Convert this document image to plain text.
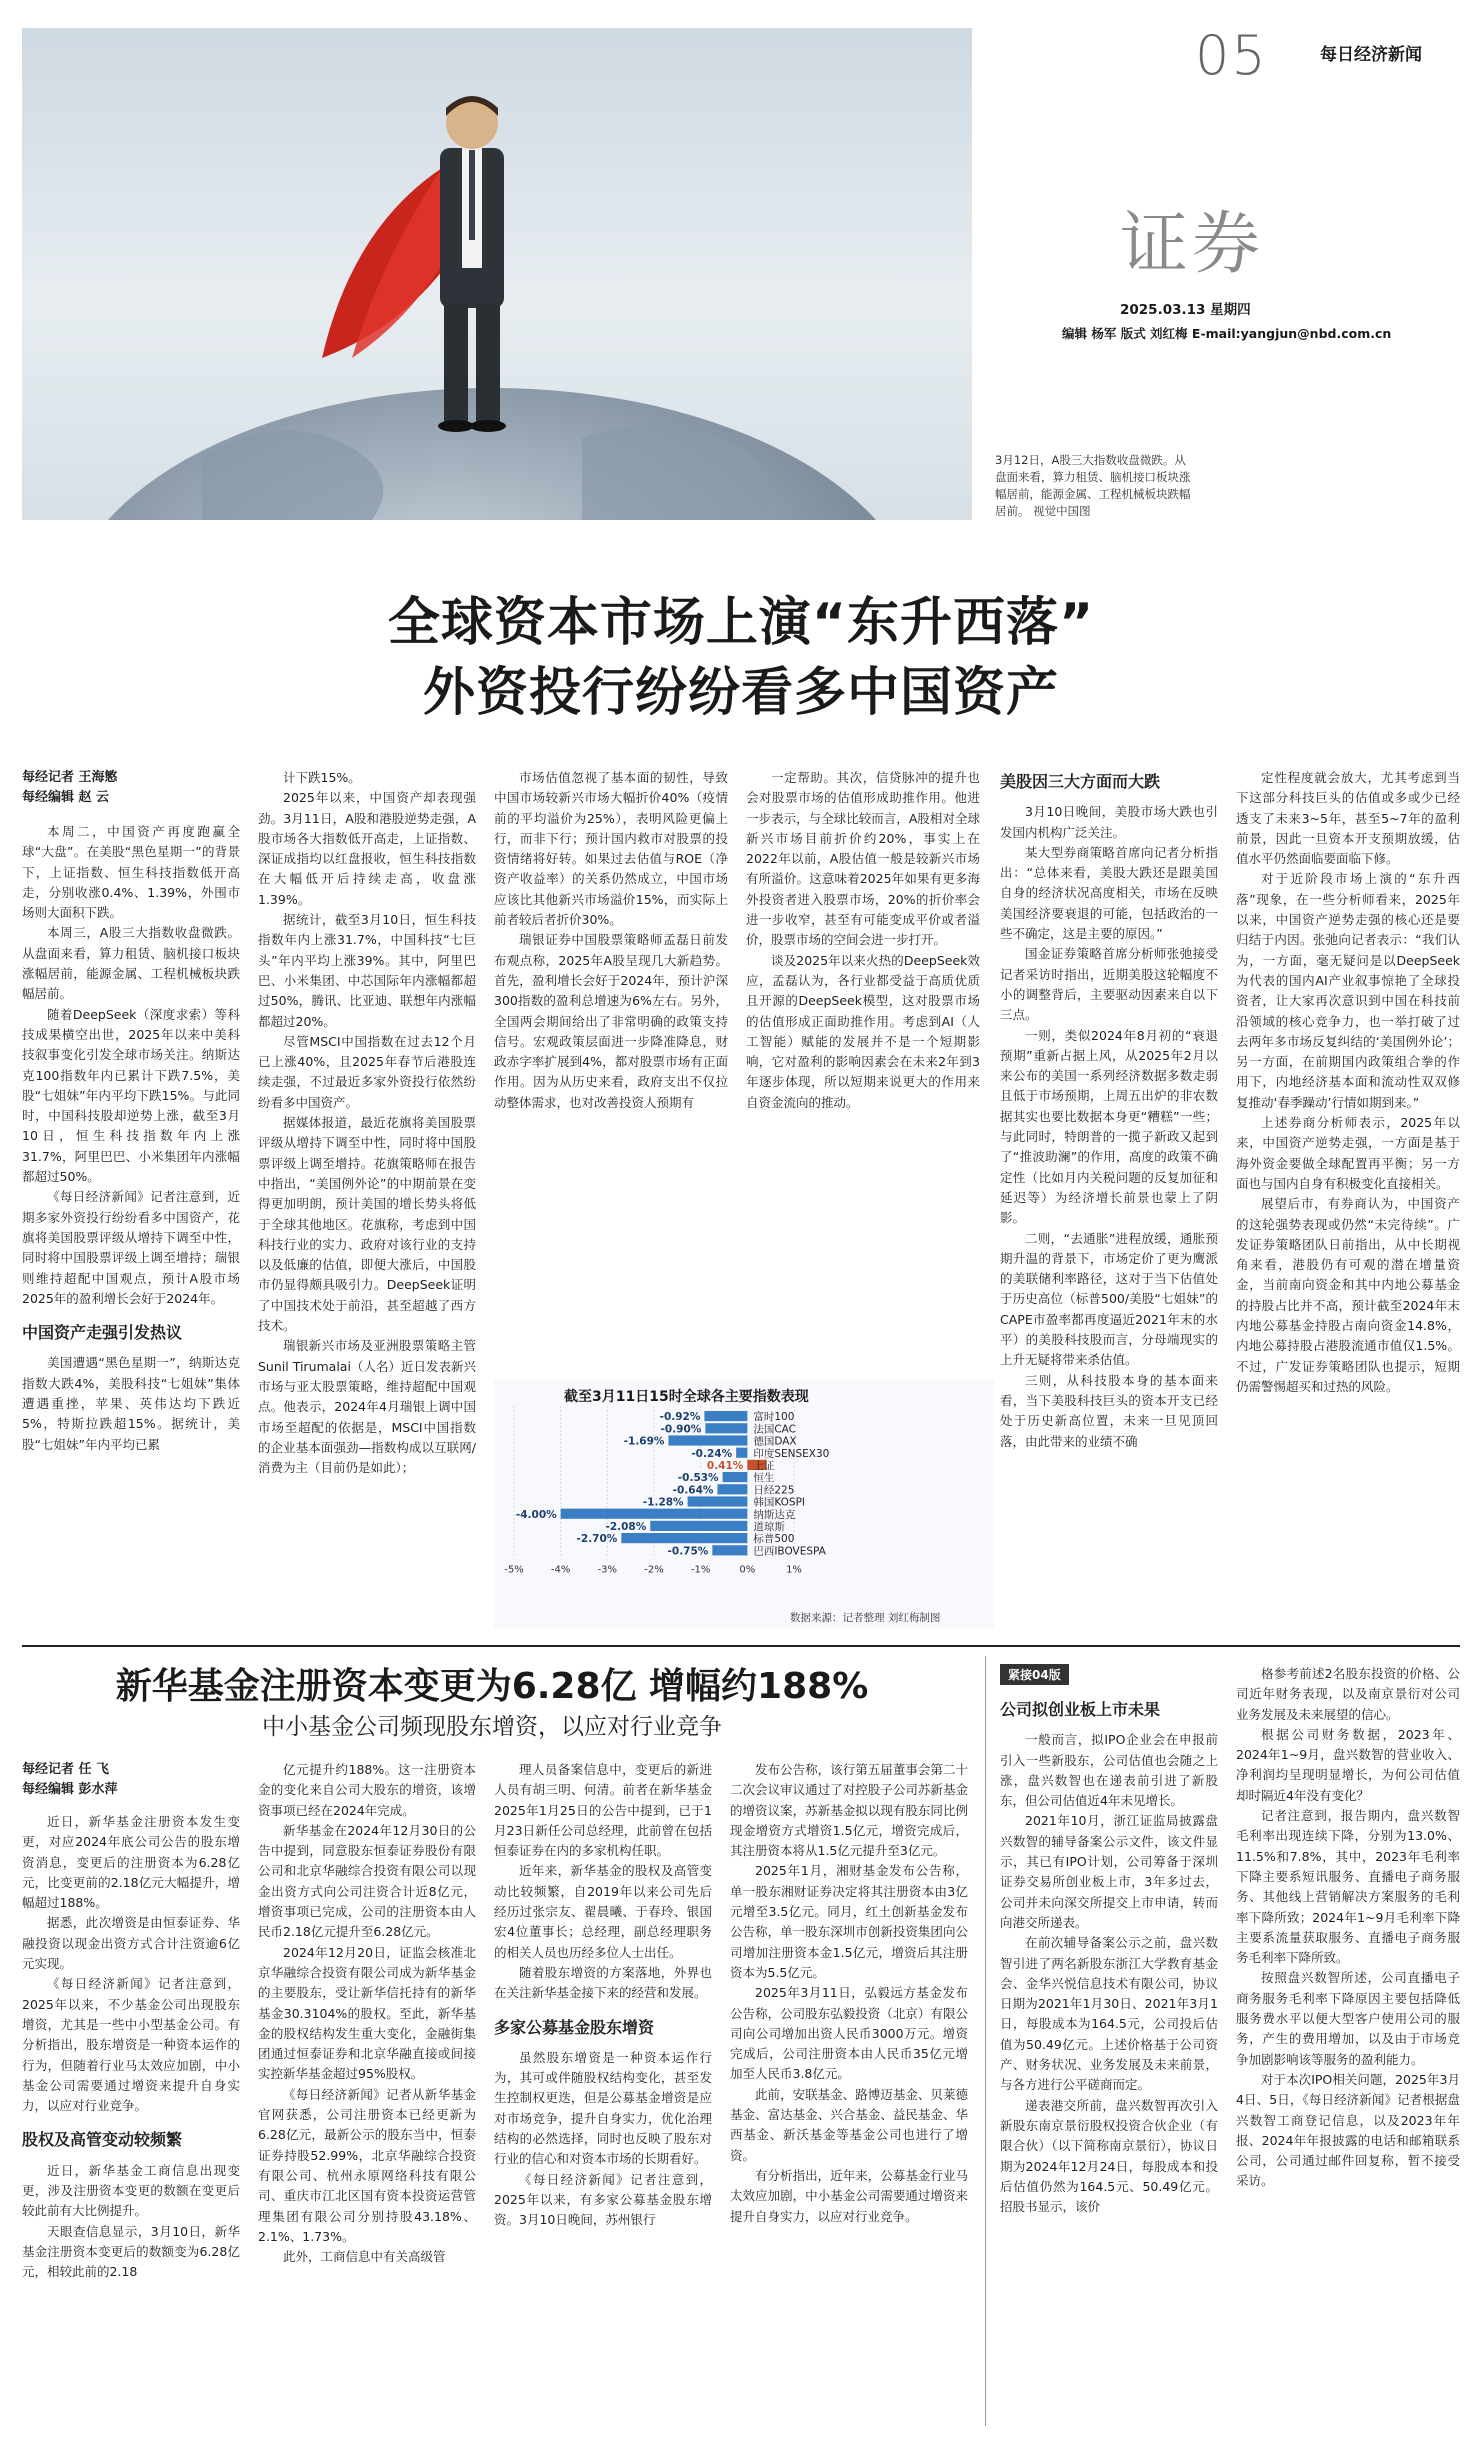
3月12日，A股三大指数收盘微跌。从盘面来看，算力租赁、脑机接口板块涨幅居前，能源金属、工程机械板块跌幅居前。 视觉中国图
05	每日经济新闻
证券
2025.03.13 星期四
编辑 杨军 版式 刘红梅 E-mail:yangjun@nbd.com.cn
全球资本市场上演“东升西落”
外资投行纷纷看多中国资产
每经记者 王海慜
每经编辑 赵 云

本周二，中国资产再度跑赢全球“大盘”。在美股“黑色星期一”的背景下，上证指数、恒生科技指数低开高走，分别收涨0.4%、1.39%，外围市场则大面积下跌。

本周三，A股三大指数收盘微跌。从盘面来看，算力租赁、脑机接口板块涨幅居前，能源金属、工程机械板块跌幅居前。

随着DeepSeek（深度求索）等科技成果横空出世，2025年以来中美科技叙事变化引发全球市场关注。纳斯达克100指数年内已累计下跌7.5%，美股“七姐妹”年内平均下跌15%。与此同时，中国科技股却逆势上涨，截至3月10日，恒生科技指数年内上涨31.7%，阿里巴巴、小米集团年内涨幅都超过50%。

《每日经济新闻》记者注意到，近期多家外资投行纷纷看多中国资产，花旗将美国股票评级从增持下调至中性，同时将中国股票评级上调至增持；瑞银则维持超配中国观点，预计A股市场2025年的盈利增长会好于2024年。

中国资产走强引发热议

美国遭遇“黑色星期一”，纳斯达克指数大跌4%，美股科技“七姐妹”集体遭遇重挫，苹果、英伟达均下跌近5%，特斯拉跌超15%。据统计，美股“七姐妹”年内平均已累

计下跌15%。

2025年以来，中国资产却表现强劲。3月11日，A股和港股逆势走强，A股市场各大指数低开高走，上证指数、深证成指均以红盘报收，恒生科技指数在大幅低开后持续走高，收盘涨1.39%。

据统计，截至3月10日，恒生科技指数年内上涨31.7%，中国科技“七巨头”年内平均上涨39%。其中，阿里巴巴、小米集团、中芯国际年内涨幅都超过50%，腾讯、比亚迪、联想年内涨幅都超过20%。

尽管MSCI中国指数在过去12个月已上涨40%，且2025年春节后港股连续走强，不过最近多家外资投行依然纷纷看多中国资产。

据媒体报道，最近花旗将美国股票评级从增持下调至中性，同时将中国股票评级上调至增持。花旗策略师在报告中指出，“美国例外论”的中期前景在变得更加明朗，预计美国的增长势头将低于全球其他地区。花旗称，考虑到中国科技行业的实力、政府对该行业的支持以及低廉的估值，即便大涨后，中国股市仍显得颇具吸引力。DeepSeek证明了中国技术处于前沿，甚至超越了西方技术。

瑞银新兴市场及亚洲股票策略主管Sunil Tirumalai（人名）近日发表新兴市场与亚太股票策略，维持超配中国观点。他表示，2024年4月瑞银上调中国市场至超配的依据是，MSCI中国指数的企业基本面强劲—指数构成以互联网/消费为主（目前仍是如此）；

市场估值忽视了基本面的韧性，导致中国市场较新兴市场大幅折价40%（疫情前的平均溢价为25%），表明风险更偏上行，而非下行；预计国内救市对股票的投资情绪将好转。如果过去估值与ROE（净资产收益率）的关系仍然成立，中国市场应该比其他新兴市场溢价15%，而实际上前者较后者折价30%。

瑞银证券中国股票策略师孟磊日前发布观点称，2025年A股呈现几大新趋势。首先，盈利增长会好于2024年，预计沪深300指数的盈利总增速为6%左右。另外，全国两会期间给出了非常明确的政策支持信号。宏观政策层面进一步降准降息，财政赤字率扩展到4%，都对股票市场有正面作用。因为从历史来看，政府支出不仅拉动整体需求，也对改善投资人预期有

一定帮助。其次，信贷脉冲的提升也会对股票市场的估值形成助推作用。他进一步表示，与全球比较而言，A股相对全球新兴市场目前折价约20%，事实上在2022年以前，A股估值一般是较新兴市场有所溢价。这意味着2025年如果有更多海外投资者进入股票市场，20%的折价率会进一步收窄，甚至有可能变成平价或者溢价，股票市场的空间会进一步打开。

谈及2025年以来火热的DeepSeek效应，孟磊认为，各行业都受益于高质优质且开源的DeepSeek模型，这对股票市场的估值形成正面助推作用。考虑到AI（人工智能）赋能的发展并不是一个短期影响，它对盈利的影响因素会在未来2年到3年逐步体现，所以短期来说更大的作用来自资金流向的推动。

美股因三大方面而大跌

3月10日晚间，美股市场大跌也引发国内机构广泛关注。

某大型券商策略首席向记者分析指出：“总体来看，美股大跌还是跟美国自身的经济状况高度相关，市场在反映美国经济要衰退的可能，包括政治的一些不确定，这是主要的原因。”

国金证券策略首席分析师张弛接受记者采访时指出，近期美股这轮幅度不小的调整背后，主要驱动因素来自以下三点。

一则，类似2024年8月初的“衰退预期”重新占据上风，从2025年2月以来公布的美国一系列经济数据多数走弱且低于市场预期，上周五出炉的非农数据其实也要比数据本身更“糟糕”一些；与此同时，特朗普的一揽子新政又起到了“推波助澜”的作用，高度的政策不确定性（比如月内关税问题的反复加征和延迟等）为经济增长前景也蒙上了阴影。

二则，“去通胀”进程放缓，通胀预期升温的背景下，市场定价了更为鹰派的美联储利率路径，这对于当下估值处于历史高位（标普500/美股“七姐妹”的CAPE市盈率都再度逼近2021年末的水平）的美股科技股而言，分母端现实的上升无疑将带来杀估值。

三则，从科技股本身的基本面来看，当下美股科技巨头的资本开支已经处于历史新高位置，未来一旦见顶回落，由此带来的业绩不确

定性程度就会放大，尤其考虑到当下这部分科技巨头的估值或多或少已经透支了未来3~5年，甚至5~7年的盈利前景，因此一旦资本开支预期放缓，估值水平仍然面临要面临下修。

对于近阶段市场上演的“东升西落”现象，在一些分析师看来，2025年以来，中国资产逆势走强的核心还是要归结于内因。张弛向记者表示：“我们认为，一方面，毫无疑问是以DeepSeek为代表的国内AI产业叙事惊艳了全球投资者，让大家再次意识到中国在科技前沿领域的核心竞争力，也一举打破了过去两年多市场反复纠结的‘美国例外论’；另一方面，在前期国内政策组合拳的作用下，内地经济基本面和流动性双双修复推动‘春季躁动’行情如期到来。”

上述券商分析师表示，2025年以来，中国资产逆势走强，一方面是基于海外资金要做全球配置再平衡；另一方面也与国内自身有积极变化直接相关。

展望后市，有券商认为，中国资产的这轮强势表现或仍然“未完待续”。广发证券策略团队日前指出，从中长期视角来看，港股仍有可观的潜在增量资金，当前南向资金和其中内地公募基金的持股占比并不高，预计截至2024年末内地公募基金持股占南向资金14.8%，内地公募持股占港股流通市值仅1.5%。不过，广发证券策略团队也提示，短期仍需警惕超买和过热的风险。

截至3月11日15时全球各主要指数表现
-5%	-4%	-3%	-2%	-1%	0%	1%
-0.92%	富时100
-0.90%	法国CAC
-1.69%	德国DAX
-0.24% 印度SENSEX30
0.41% 上证
-0.53%	恒生
-0.64%	日经225
-1.28%	韩国KOSPI
-4.00%	纳斯达克
-2.08%	道琼斯
-2.70%	标普500
-0.75%	巴西IBOVESPA
数据来源：记者整理 刘红梅制图
新华基金注册资本变更为6.28亿 增幅约188%
中小基金公司频现股东增资，以应对行业竞争
每经记者 任 飞
每经编辑 彭水萍

近日，新华基金注册资本发生变更，对应2024年底公司公告的股东增资消息，变更后的注册资本为6.28亿元，比变更前的2.18亿元大幅提升，增幅超过188%。

据悉，此次增资是由恒泰证券、华融投资以现金出资方式合计注资逾6亿元实现。

《每日经济新闻》记者注意到，2025年以来，不少基金公司出现股东增资，尤其是一些中小型基金公司。有分析指出，股东增资是一种资本运作的行为，但随着行业马太效应加剧，中小基金公司需要通过增资来提升自身实力，以应对行业竞争。

股权及高管变动较频繁

近日，新华基金工商信息出现变更，涉及注册资本变更的数额在变更后较此前有大比例提升。

天眼查信息显示，3月10日，新华基金注册资本变更后的数额变为6.28亿元，相较此前的2.18

亿元提升约188%。这一注册资本金的变化来自公司大股东的增资，该增资事项已经在2024年完成。

新华基金在2024年12月30日的公告中提到，同意股东恒泰证券股份有限公司和北京华融综合投资有限公司以现金出资方式向公司注资合计近8亿元，增资事项已完成，公司的注册资本由人民币2.18亿元提升至6.28亿元。

2024年12月20日，证监会核准北京华融综合投资有限公司成为新华基金的主要股东，受让新华信托持有的新华基金30.3104%的股权。至此，新华基金的股权结构发生重大变化，金融街集团通过恒泰证券和北京华融直接或间接实控新华基金超过95%股权。

《每日经济新闻》记者从新华基金官网获悉，公司注册资本已经更新为6.28亿元，最新公示的股东当中，恒泰证券持股52.99%，北京华融综合投资有限公司、杭州永原网络科技有限公司、重庆市江北区国有资本投资运营管理集团有限公司分别持股43.18%、2.1%、1.73%。

此外，工商信息中有关高级管

理人员备案信息中，变更后的新进人员有胡三明、何清。前者在新华基金2025年1月25日的公告中提到，已于1月23日新任公司总经理，此前曾在包括恒泰证券在内的多家机构任职。

近年来，新华基金的股权及高管变动比较频繁，自2019年以来公司先后经历过张宗友、翟晨曦、于春玲、银国宏4位董事长；总经理，副总经理职务的相关人员也历经多位人士出任。

随着股东增资的方案落地，外界也在关注新华基金接下来的经营和发展。

多家公募基金股东增资

虽然股东增资是一种资本运作行为，其可或伴随股权结构变化，甚至发生控制权更迭，但是公募基金增资是应对市场竞争，提升自身实力，优化治理结构的必然选择，同时也反映了股东对行业的信心和对资本市场的长期看好。

《每日经济新闻》记者注意到，2025年以来，有多家公募基金股东增资。3月10日晚间，苏州银行

发布公告称，该行第五届董事会第二十二次会议审议通过了对控股子公司苏新基金的增资议案，苏新基金拟以现有股东同比例现金增资方式增资1.5亿元，增资完成后，其注册资本将从1.5亿元提升至3亿元。

2025年1月，湘财基金发布公告称，单一股东湘财证券决定将其注册资本由3亿元增至3.5亿元。同月，红土创新基金发布公告称，单一股东深圳市创新投资集团向公司增加注册资本金1.5亿元，增资后其注册资本为5.5亿元。

2025年3月11日，弘毅远方基金发布公告称，公司股东弘毅投资（北京）有限公司向公司增加出资人民币3000万元。增资完成后，公司注册资本由人民币35亿元增加至人民币3.8亿元。

此前，安联基金、路博迈基金、贝莱德基金、富达基金、兴合基金、益民基金、华西基金、新沃基金等基金公司也进行了增资。

有分析指出，近年来，公募基金行业马太效应加剧，中小基金公司需要通过增资来提升自身实力，以应对行业竞争。

紧接04版
公司拟创业板上市未果

一般而言，拟IPO企业会在申报前引入一些新股东，公司估值也会随之上涨，盘兴数智也在递表前引进了新股东，但公司估值近4年未见增长。

2021年10月，浙江证监局披露盘兴数智的辅导备案公示文件，该文件显示，其已有IPO计划，公司筹备于深圳证券交易所创业板上市，3年多过去，公司并未向深交所提交上市申请，转而向港交所递表。

在前次辅导备案公示之前，盘兴数智引进了两名新股东浙江大学教育基金会、金华兴悦信息技术有限公司，协议日期为2021年1月30日、2021年3月1日，每股成本为164.5元，公司投后估值为50.49亿元。上述价格基于公司资产、财务状况、业务发展及未来前景，与各方进行公平磋商而定。

递表港交所前，盘兴数智再次引入新股东南京景衍股权投资合伙企业（有限合伙）（以下简称南京景衍），协议日期为2024年12月24日，每股成本和投后估值仍然为164.5元、50.49亿元。招股书显示，该价

格参考前述2名股东投资的价格、公司近年财务表现，以及南京景衍对公司业务发展及未来展望的信心。

根据公司财务数据，2023年、2024年1~9月，盘兴数智的营业收入、净利润均呈现明显增长，为何公司估值却时隔近4年没有变化？

记者注意到，报告期内，盘兴数智毛利率出现连续下降，分别为13.0%、11.5%和7.8%，其中，2023年毛利率下降主要系短讯服务、直播电子商务服务、其他线上营销解决方案服务的毛利率下降所致；2024年1~9月毛利率下降主要系流量获取服务、直播电子商务服务毛利率下降所致。

按照盘兴数智所述，公司直播电子商务服务毛利率下降原因主要包括降低服务费水平以便大型客户使用公司的服务，产生的费用增加，以及由于市场竞争加剧影响该等服务的盈利能力。

对于本次IPO相关问题，2025年3月4日、5日，《每日经济新闻》记者根据盘兴数智工商登记信息，以及2023年年报、2024年年报披露的电话和邮箱联系公司，公司通过邮件回复称，暂不接受采访。
